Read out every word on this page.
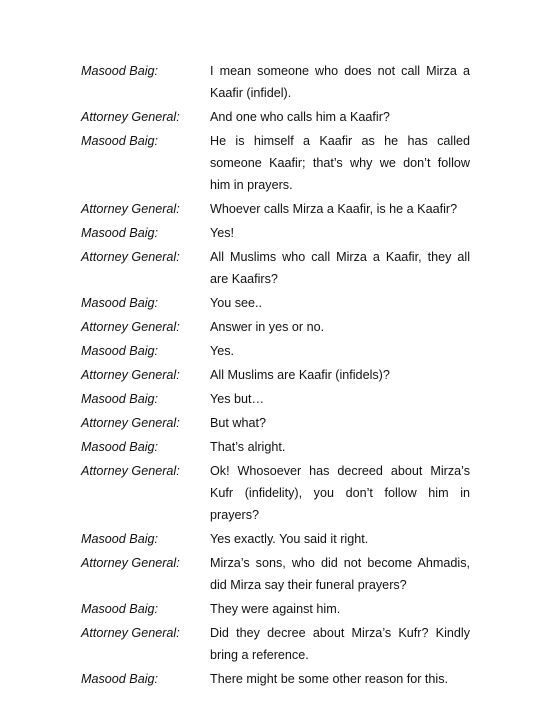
Masood Baig:	I mean someone who does not call Mirza a Kaafir (infidel).
Attorney General:	And one who calls him a Kaafir?
Masood Baig:	He is himself a Kaafir as he has called someone Kaafir; that’s why we don’t follow him in prayers.
Attorney General:	Whoever calls Mirza a Kaafir, is he a Kaafir?
Masood Baig:	Yes!
Attorney General:	All Muslims who call Mirza a Kaafir, they all are Kaafirs?
Masood Baig:	You see..
Attorney General:	Answer in yes or no.
Masood Baig:	Yes.
Attorney General:	All Muslims are Kaafir (infidels)?
Masood Baig:	Yes but…
Attorney General:	But what?
Masood Baig:	That’s alright.
Attorney General:	Ok! Whosoever has decreed about Mirza’s Kufr (infidelity), you don’t follow him in prayers?
Masood Baig:	Yes exactly. You said it right.
Attorney General:	Mirza’s sons, who did not become Ahmadis, did Mirza say their funeral prayers?
Masood Baig:	They were against him.
Attorney General:	Did they decree about Mirza’s Kufr? Kindly bring a reference.
Masood Baig:	There might be some other reason for this.
